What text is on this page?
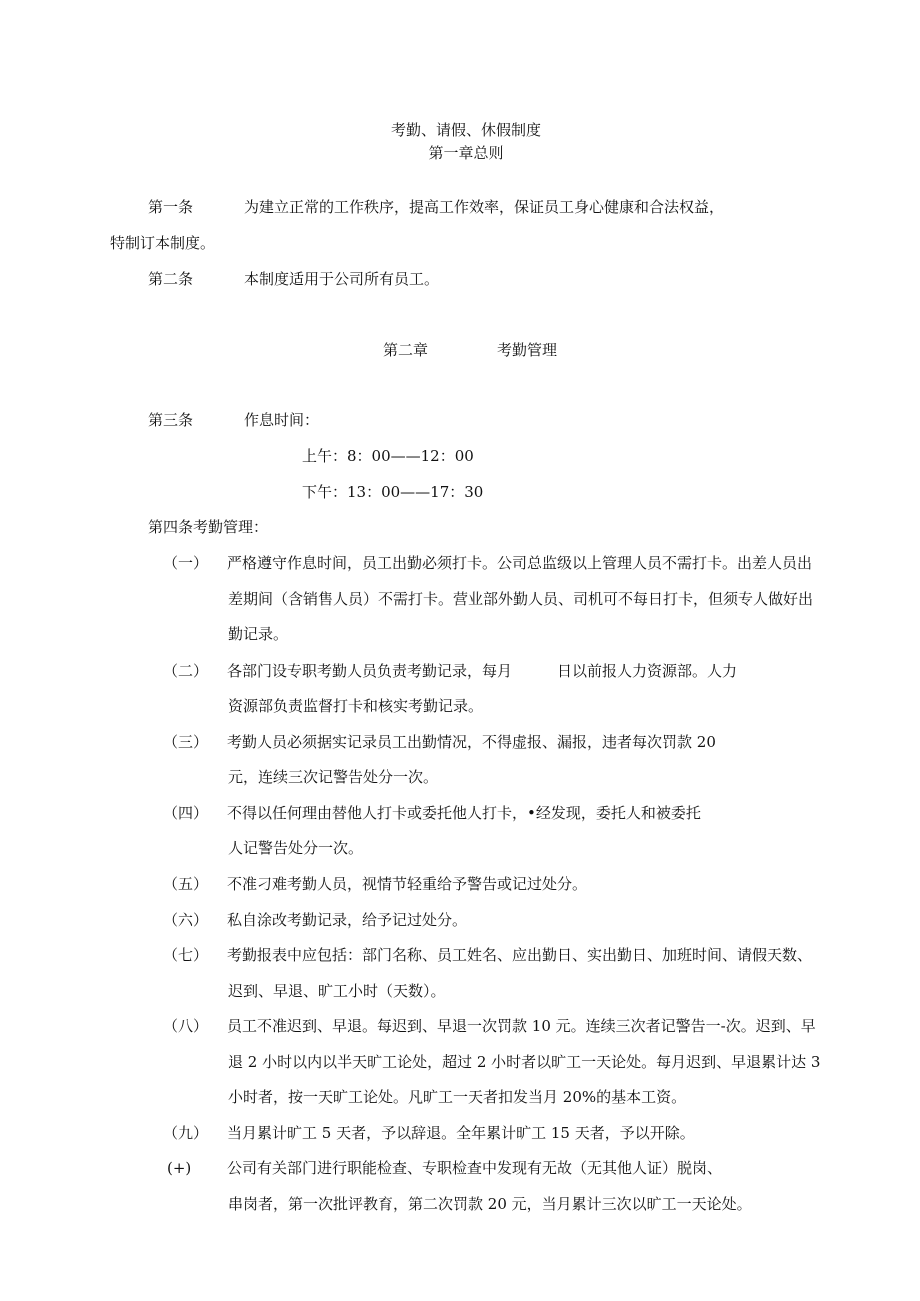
考勤、请假、休假制度
第一章总则
第一条	为建立正常的工作秩序，提高工作效率，保证员工身心健康和合法权益，
特制订本制度。
第二条	本制度适用于公司所有员工。
第二章	考勤管理
第三条	作息时间：
上午：8：00——12：00
下午：13：00——17：30
第四条考勤管理：
（一） 严格遵守作息时间，员工出勤必须打卡。公司总监级以上管理人员不需打卡。出差人员出
差期间（含销售人员）不需打卡。营业部外勤人员、司机可不每日打卡，但须专人做好出
勤记录。
（二） 各部门设专职考勤人员负责考勤记录，每月	日以前报人力资源部。人力
资源部负责监督打卡和核实考勤记录。
（三） 考勤人员必须据实记录员工出勤情况，不得虚报、漏报，违者每次罚款 20
元，连续三次记警告处分一次。
（四） 不得以任何理由替他人打卡或委托他人打卡，•经发现，委托人和被委托
人记警告处分一次。
（五） 不准刁难考勤人员，视情节轻重给予警告或记过处分。
（六） 私自涂改考勤记录，给予记过处分。
（七） 考勤报表中应包括：部门名称、员工姓名、应出勤日、实出勤日、加班时间、请假天数、
迟到、早退、旷工小时（天数）。
（八） 员工不准迟到、早退。每迟到、早退一次罚款 10 元。连续三次者记警告一-次。迟到、早
退 2 小时以内以半天旷工论处，超过 2 小时者以旷工一天论处。每月迟到、早退累计达 3
小时者，按一天旷工论处。凡旷工一天者扣发当月 20%的基本工资。
（九） 当月累计旷工 5 天者，予以辞退。全年累计旷工 15 天者，予以开除。
(+) 公司有关部门进行职能检查、专职检查中发现有无故（无其他人证）脱岗、
串岗者，第一次批评教育，第二次罚款 20 元，当月累计三次以旷工一天论处。
